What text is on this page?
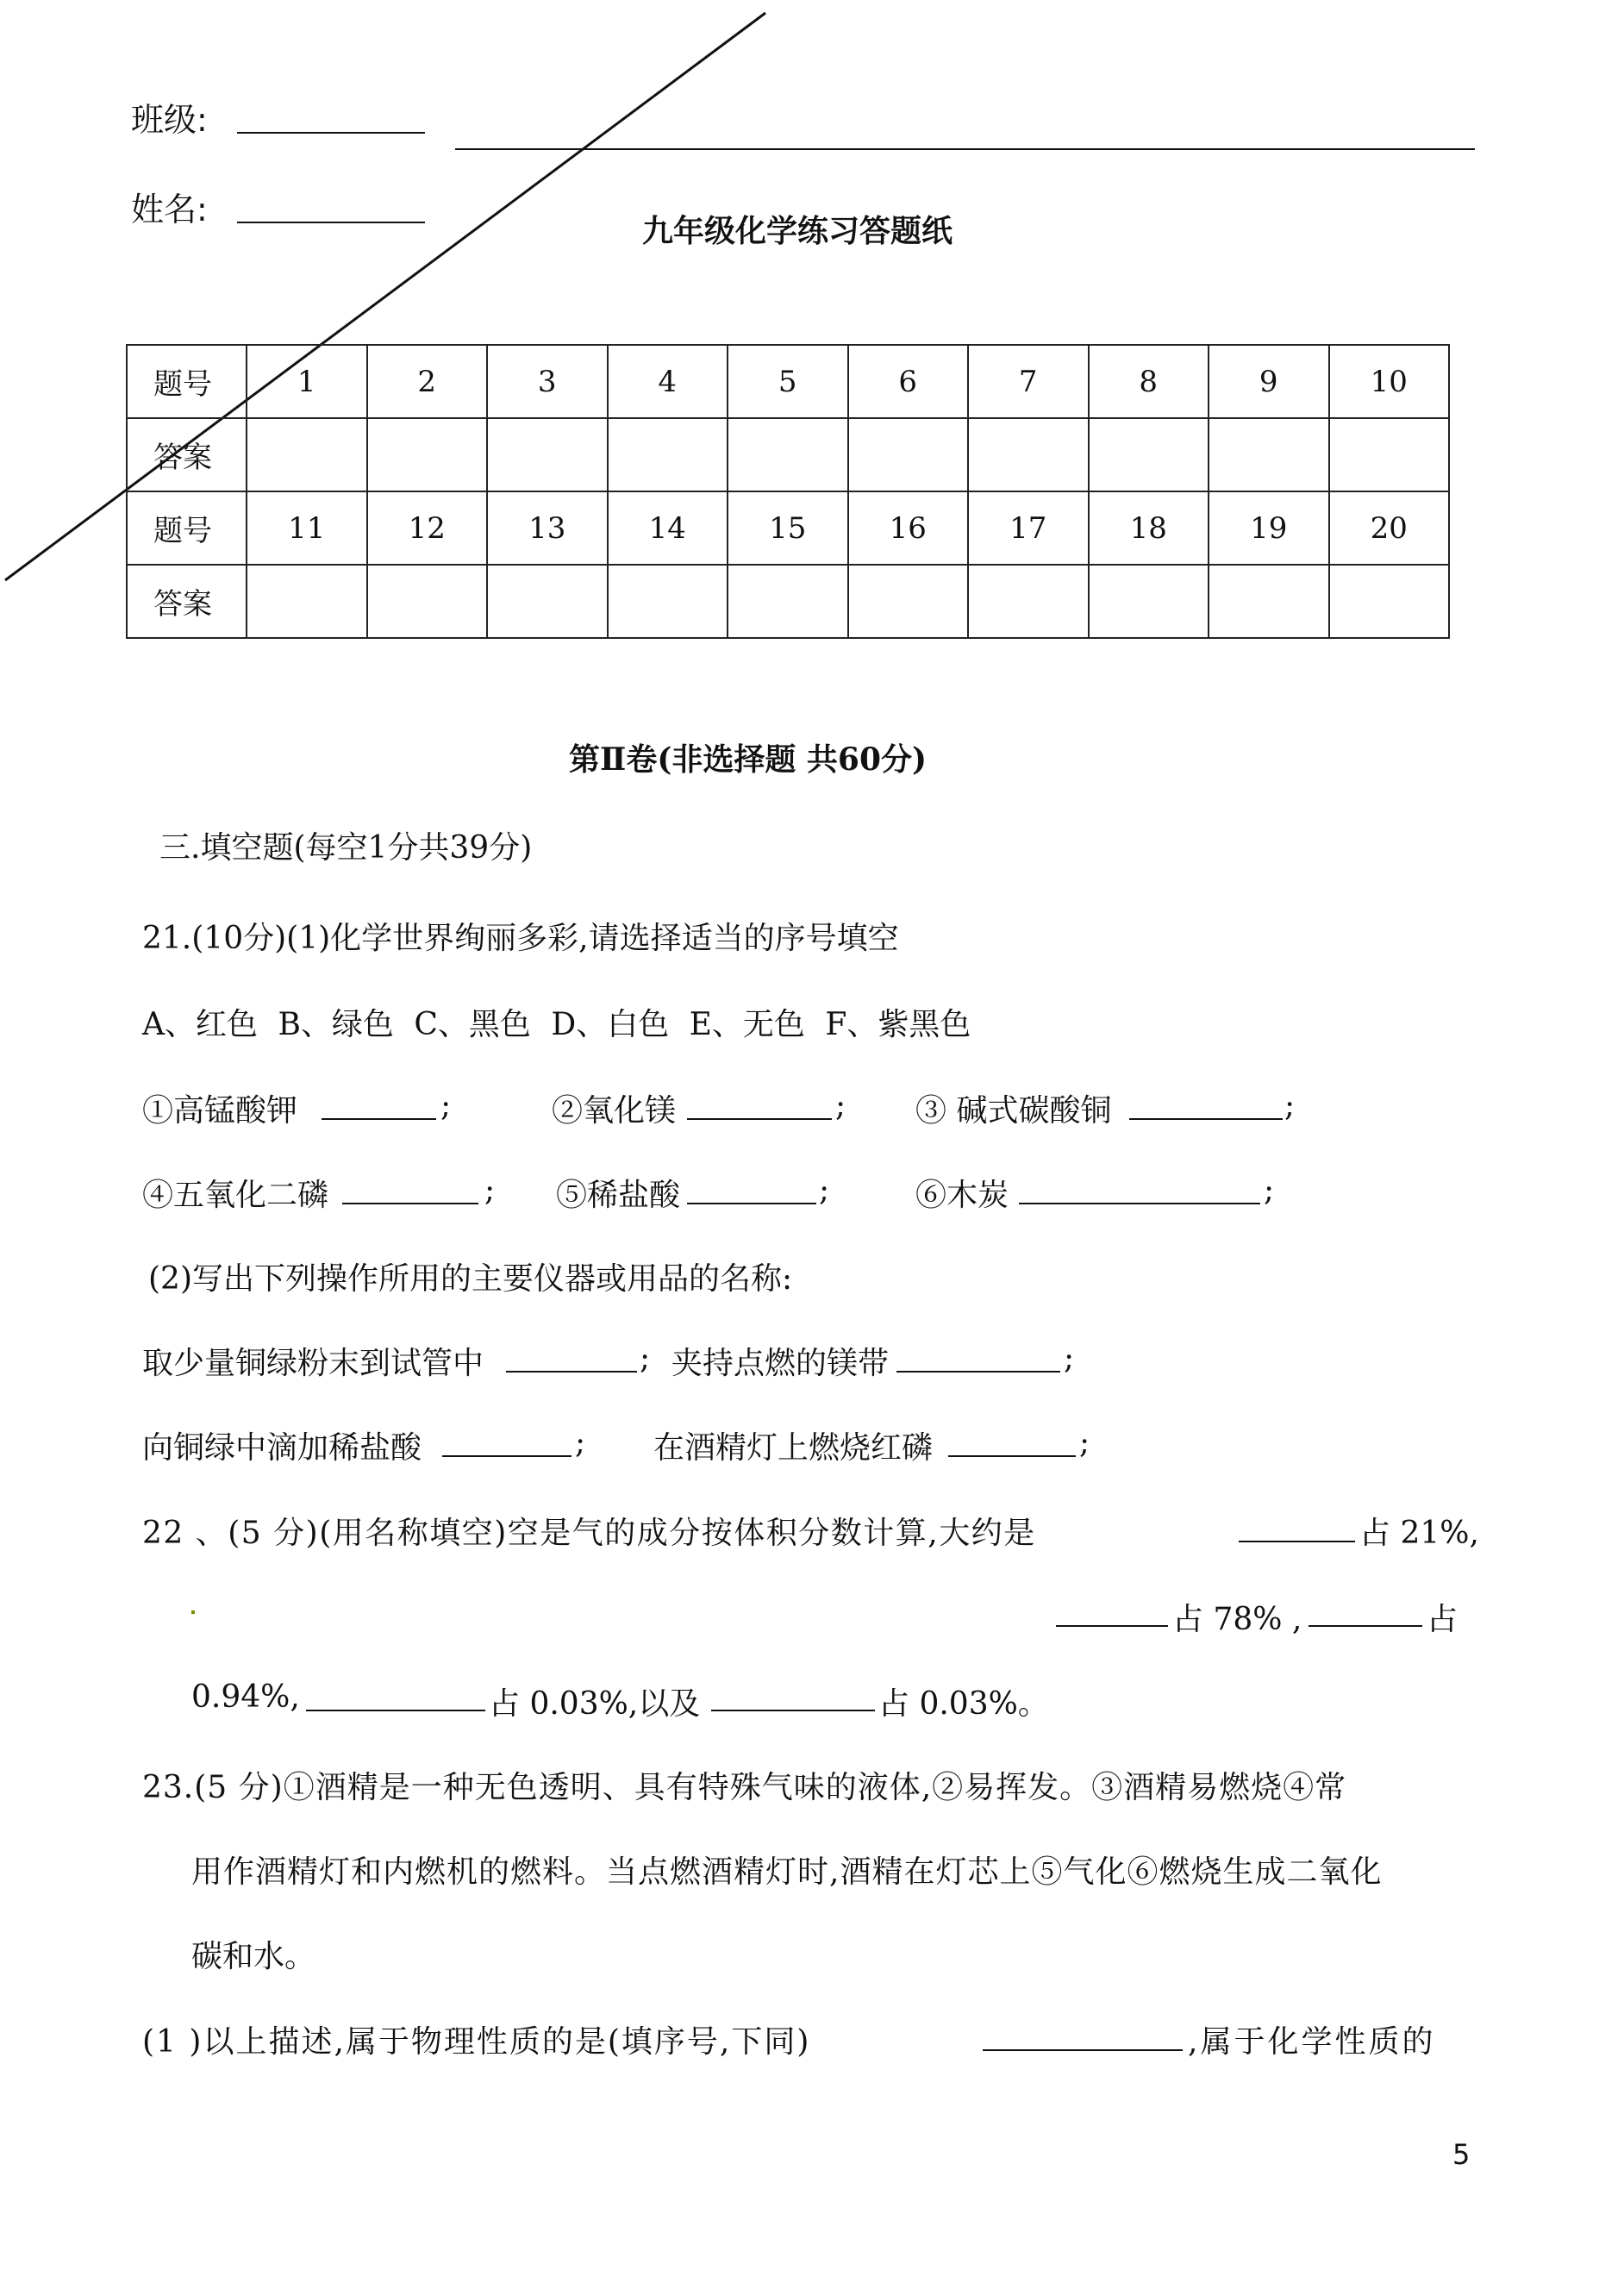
班级:
姓名:
九年级化学练习答题纸
题号	1	2	3	4	5	6	7	8	9	10
答案										
题号	11	12	13	14	15	16	17	18	19	20
答案										
第Ⅱ卷(非选择题 共60分)
三.填空题(每空1分共39分)
21.(10分)(1)化学世界绚丽多彩,请选择适当的序号填空
A、红色 B、绿色 C、黑色 D、白色 E、无色 F、紫黑色
①高锰酸钾	;	②氧化镁	; ③ 碱式碳酸铜	;
④五氧化二磷	; ⑤稀盐酸	;	⑥木炭	;
(2)写出下列操作所用的主要仪器或用品的名称:
取少量铜绿粉末到试管中	; 夹持点燃的镁带	;
向铜绿中滴加稀盐酸	; 在酒精灯上燃烧红磷	;
22 、(5 分)(用名称填空)空是气的成分按体积分数计算,大约是	占 21%,
占 78% ,	占
0.94%,	占 0.03%,以及	占 0.03%。
23.(5 分)①酒精是一种无色透明、具有特殊气味的液体,②易挥发。③酒精易燃烧④常
用作酒精灯和内燃机的燃料。当点燃酒精灯时,酒精在灯芯上⑤气化⑥燃烧生成二氧化
碳和水。
(1 )以上描述,属于物理性质的是(填序号,下同)	,属于化学性质的
5
